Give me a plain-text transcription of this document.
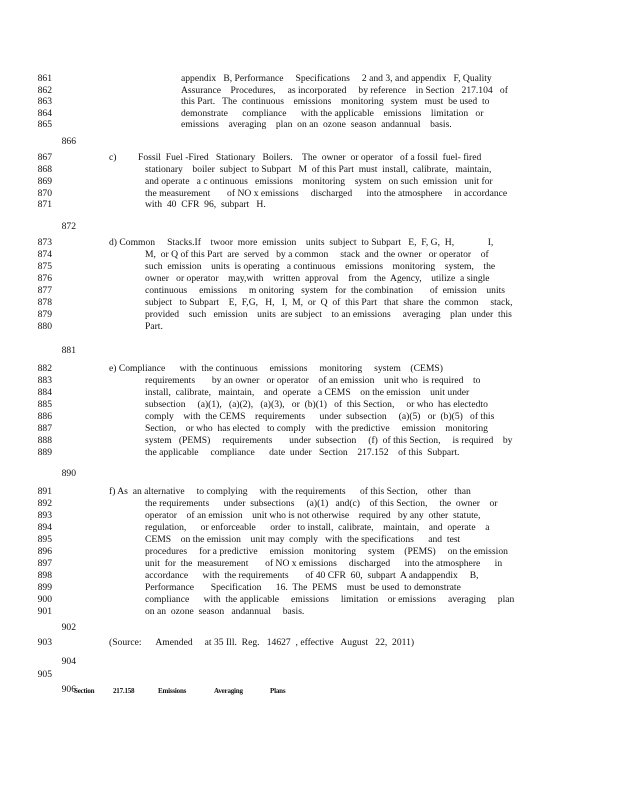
861	appendix   B, Performance     Specifications     2 and 3, and appendix   F, Quality
862	Assurance    Procedures,     as incorporated     by reference    in Section   217.104   of
863	this Part.   The  continuous    emissions    monitoring   system   must  be used  to
864	demonstrate      compliance      with the applicable    emissions    limitation   or
865	emissions    averaging    plan  on an  ozone  season  andannual    basis.
866
867	c)         Fossil  Fuel -Fired   Stationary   Boilers.    The  owner  or operator   of a fossil  fuel- fired
868	stationary    boiler  subject  to Subpart   M  of this Part  must  install,  calibrate,   maintain,
869	and operate   a c ontinuous   emissions    monitoring    system   on such  emission   unit for
870	the measurement       of NO x emissions     discharged      into the atmosphere     in accordance
871	with  40  CFR  96,  subpart   H.
872
873	d) Common     Stacks.If    twoor  more  emission    units  subject  to Subpart   E,  F, G,  H,              I,
874	M,  or Q of this Part  are  served   by a common     stack  and  the owner   or operator    of
875	such  emission    units  is operating   a continuous    emissions    monitoring    system,    the
876	owner   or operator    may,with    written  approval    from   the  Agency,    utilize  a single
877	continuous     emissions     m onitoring   system   for  the combination       of  emission    units
878	subject   to Subpart    E,  F,G,   H,   I,  M,  or  Q  of  this Part   that  share  the  common     stack,
879	provided    such   emission    units  are subject    to an emissions     averaging    plan  under  this
880	Part.
881
882	e) Compliance      with  the continuous     emissions     monitoring     system    (CEMS)
883	requirements       by an owner   or operator    of an emission    unit who  is required    to
884	install,  calibrate,   maintain,    and  operate   a CEMS    on the emission    unit under
885	subsection     (a)(1),   (a)(2),   (a)(3),   or  (b)(1)   of  this Section,     or who  has electedto
886	comply    with  the CEMS    requirements      under  subsection     (a)(5)   or  (b)(5)   of this
887	Section,    or who  has elected   to comply    with  the predictive     emission    monitoring
888	system   (PEMS)     requirements       under  subsection     (f)  of this Section,     is required    by
889	the applicable     compliance      date  under   Section    217.152    of this  Subpart.
890
891	f) As  an alternative     to complying     with  the requirements      of this Section,    other   than
892	the requirements      under  subsections     (a)(1)   and(c)    of this Section,     the  owner    or
893	operator    of an emission    unit who is not otherwise    required   by any  other  statute,
894	regulation,      or enforceable      order   to install,  calibrate,    maintain,    and  operate    a
895	CEMS    on the emission    unit may  comply   with  the specifications      and  test
896	procedures     for a predictive     emission    monitoring     system    (PEMS)     on the emission
897	unit  for  the  measurement       of NO x emissions     discharged      into the atmosphere      in
898	accordance      with  the requirements       of 40 CFR  60,  subpart  A andappendix     B,
899	Performance       Specification      16.  The  PEMS    must  be used  to demonstrate
900	compliance      with  the applicable     emissions     limitation    or emissions     averaging     plan
901	on an  ozone  season   andannual     basis.
902
903	(Source:      Amended     at 35 Ill.  Reg.   14627  , effective   August   22,  2011)
904
905
906
Section	217.158	Emissions	Averaging	Plans
